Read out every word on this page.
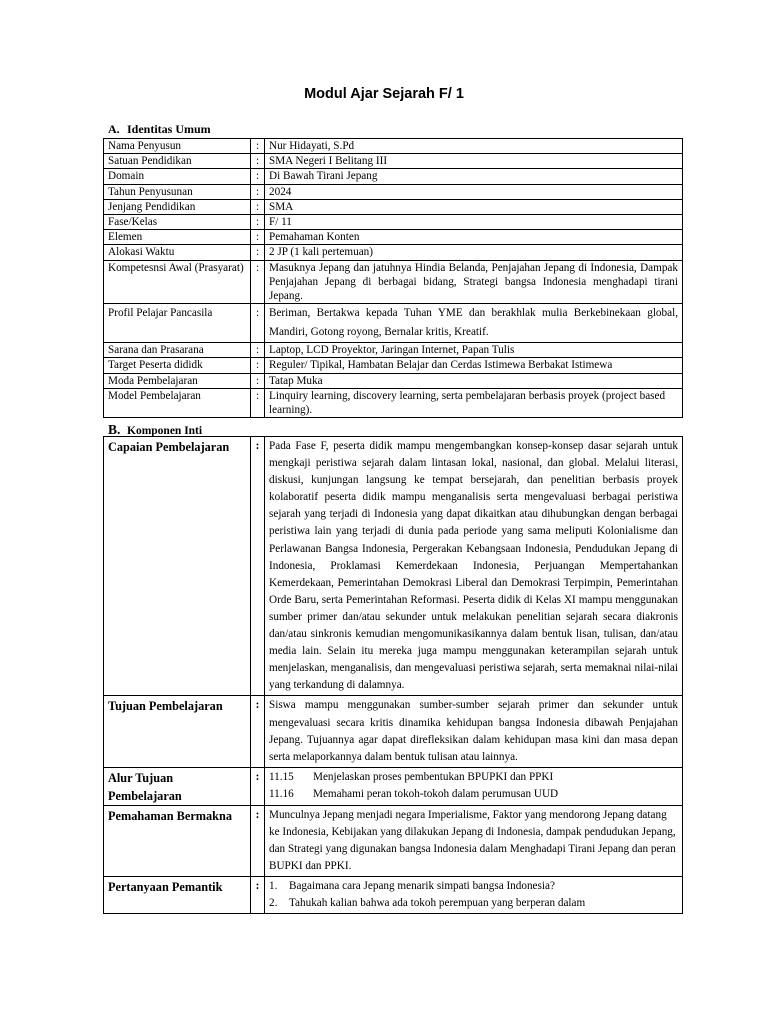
Modul Ajar Sejarah F/ 1
A. Identitas Umum
Nama Penyusun	:	Nur Hidayati, S.Pd
Satuan Pendidikan	:	SMA Negeri I Belitang III
Domain	:	Di Bawah Tirani Jepang
Tahun Penyusunan	:	2024
Jenjang Pendidikan	:	SMA
Fase/Kelas	:	F/ 11
Elemen	:	Pemahaman Konten
Alokasi Waktu	:	2 JP (1 kali pertemuan)
Kompetesnsi Awal (Prasyarat)	:	Masuknya Jepang dan jatuhnya Hindia Belanda, Penjajahan Jepang di Indonesia, Dampak Penjajahan Jepang di berbagai bidang, Strategi bangsa Indonesia menghadapi tirani Jepang.
Profil Pelajar Pancasila	:	Beriman, Bertakwa kepada Tuhan YME dan berakhlak mulia Berkebinekaan global, Mandiri, Gotong royong, Bernalar kritis, Kreatif.
Sarana dan Prasarana	:	Laptop, LCD Proyektor, Jaringan Internet, Papan Tulis
Target Peserta dididk	:	Reguler/ Tipikal, Hambatan Belajar dan Cerdas Istimewa Berbakat Istimewa
Moda Pembelajaran	:	Tatap Muka
Model Pembelajaran	:	Linquiry learning, discovery learning, serta pembelajaran berbasis proyek (project based learning).
B. Komponen Inti
Capaian Pembelajaran	:	Pada Fase F, peserta didik mampu mengembangkan konsep-konsep dasar sejarah untuk mengkaji peristiwa sejarah dalam lintasan lokal, nasional, dan global. Melalui literasi, diskusi, kunjungan langsung ke tempat bersejarah, dan penelitian berbasis proyek kolaboratif peserta didik mampu menganalisis serta mengevaluasi berbagai peristiwa sejarah yang terjadi di Indonesia yang dapat dikaitkan atau dihubungkan dengan berbagai peristiwa lain yang terjadi di dunia pada periode yang sama meliputi Kolonialisme dan Perlawanan Bangsa Indonesia, Pergerakan Kebangsaan Indonesia, Pendudukan Jepang di Indonesia, Proklamasi Kemerdekaan Indonesia, Perjuangan Mempertahankan Kemerdekaan, Pemerintahan Demokrasi Liberal dan Demokrasi Terpimpin, Pemerintahan Orde Baru, serta Pemerintahan Reformasi. Peserta didik di Kelas XI mampu menggunakan sumber primer dan/atau sekunder untuk melakukan penelitian sejarah secara diakronis dan/atau sinkronis kemudian mengomunikasikannya dalam bentuk lisan, tulisan, dan/atau media lain. Selain itu mereka juga mampu menggunakan keterampilan sejarah untuk menjelaskan, menganalisis, dan mengevaluasi peristiwa sejarah, serta memaknai nilai-nilai yang terkandung di dalamnya.
Tujuan Pembelajaran	:	Siswa mampu menggunakan sumber-sumber sejarah primer dan sekunder untuk mengevaluasi secara kritis dinamika kehidupan bangsa Indonesia dibawah Penjajahan Jepang. Tujuannya agar dapat direfleksikan dalam kehidupan masa kini dan masa depan serta melaporkannya dalam bentuk tulisan atau lainnya.
Alur Tujuan Pembelajaran	:	11.15 Menjelaskan proses pembentukan BPUPKI dan PPKI
11.16 Memahami peran tokoh-tokoh dalam perumusan UUD

Pemahaman Bermakna	:	Munculnya Jepang menjadi negara Imperialisme, Faktor yang mendorong Jepang datang ke Indonesia, Kebijakan yang dilakukan Jepang di Indonesia, dampak pendudukan Jepang, dan Strategi yang digunakan bangsa Indonesia dalam Menghadapi Tirani Jepang dan peran BUPKI dan PPKI.
Pertanyaan Pemantik	:	1. Bagaimana cara Jepang menarik simpati bangsa Indonesia?
2. Tahukah kalian bahwa ada tokoh perempuan yang berperan dalam
